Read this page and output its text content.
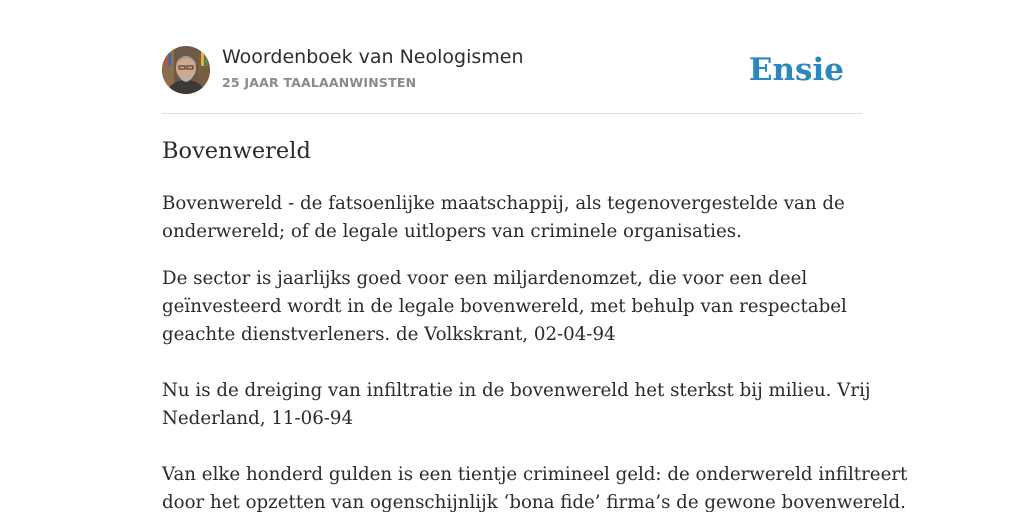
Woordenboek van Neologismen
25 JAAR TAALAANWINSTEN	Ensie
Bovenwereld

Bovenwereld - de fatsoenlijke maatschappij, als tegenovergestelde van de
onderwereld; of de legale uitlopers van criminele organisaties.

De sector is jaarlijks goed voor een miljardenomzet, die voor een deel
geïnvesteerd wordt in de legale bovenwereld, met behulp van respectabel
geachte dienstverleners. de Volkskrant, 02-04-94
Nu is de dreiging van infiltratie in de bovenwereld het sterkst bij milieu. Vrij
Nederland, 11-06-94
Van elke honderd gulden is een tientje crimineel geld: de onderwereld infiltreert
door het opzetten van ogenschijnlijk ‘bona fide’ firma’s de gewone bovenwereld.
